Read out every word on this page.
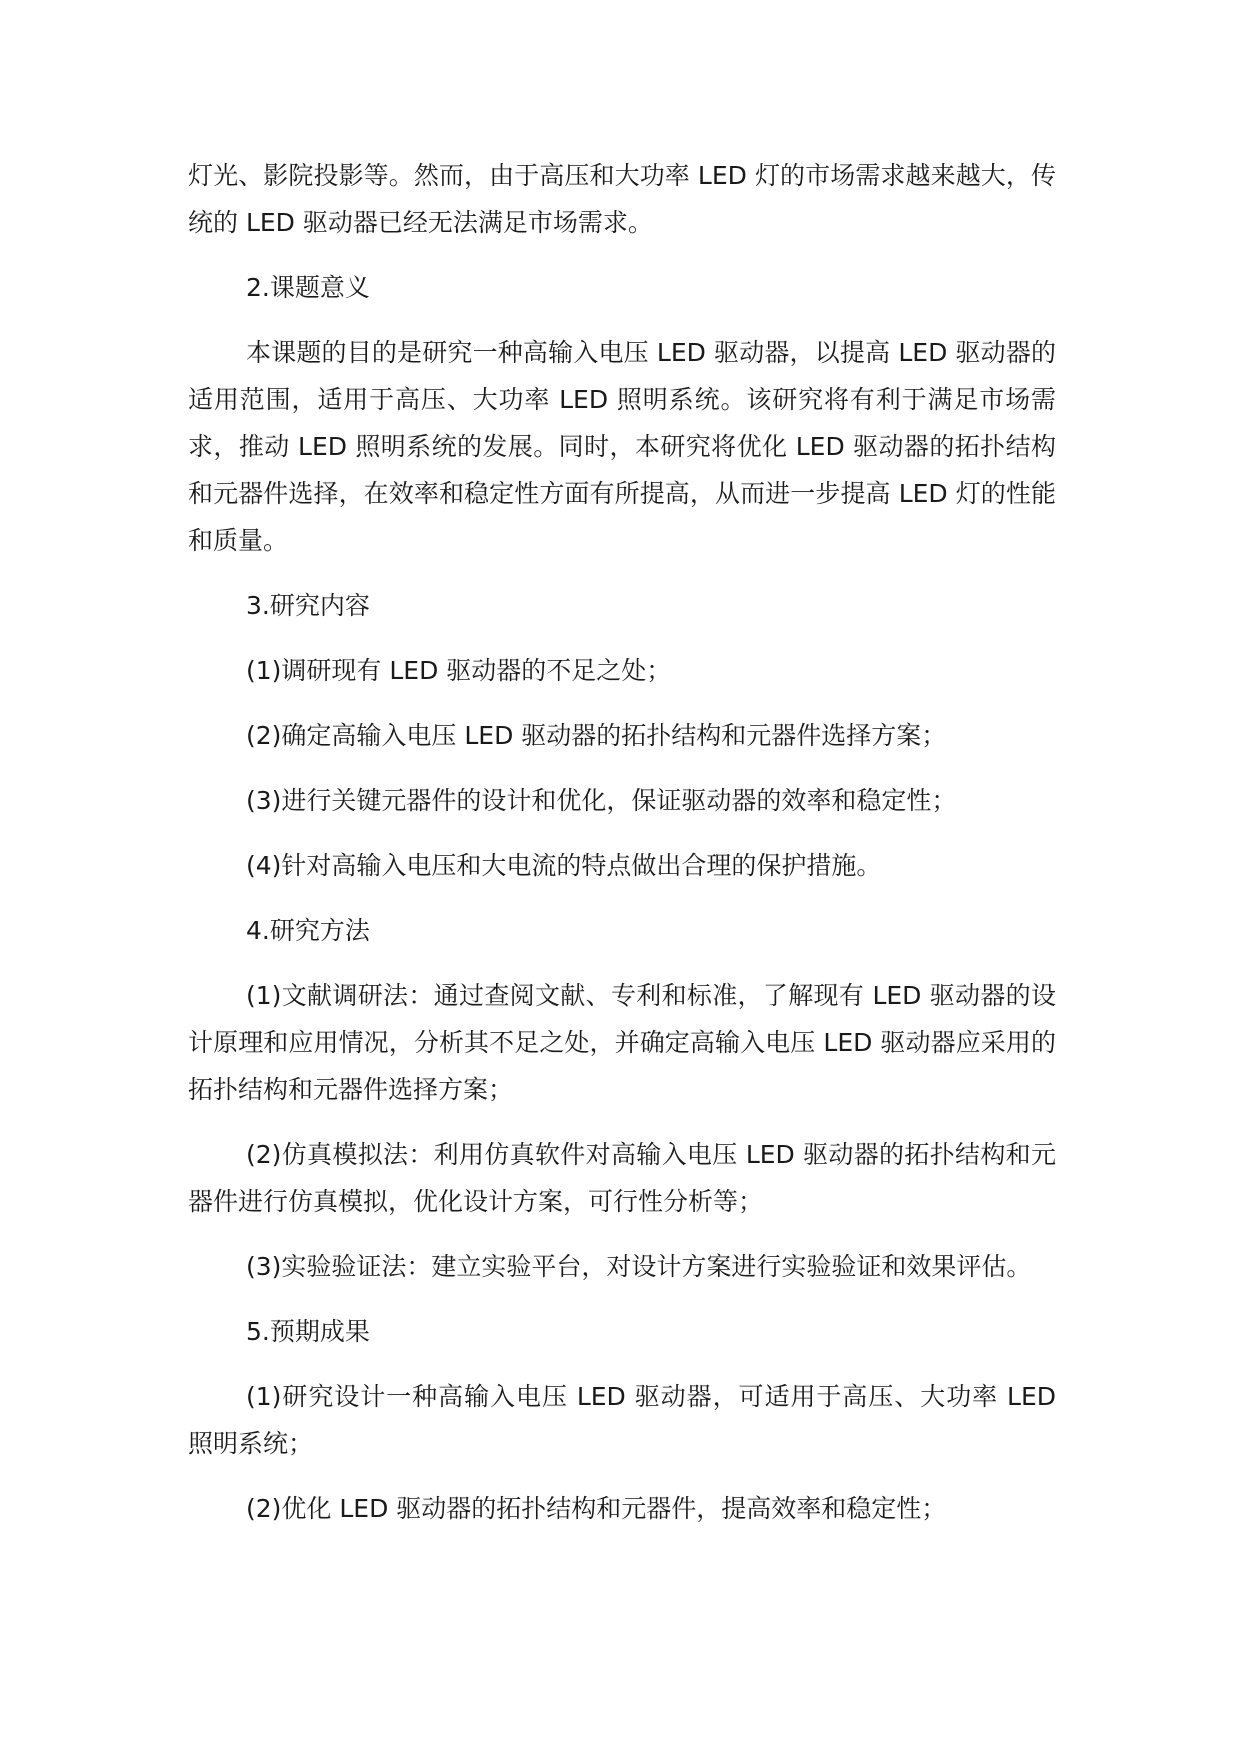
灯光、影院投影等。然而，由于高压和大功率 LED 灯的市场需求越来越大，传统的 LED 驱动器已经无法满足市场需求。

2.课题意义

本课题的目的是研究一种高输入电压 LED 驱动器，以提高 LED 驱动器的适用范围，适用于高压、大功率 LED 照明系统。该研究将有利于满足市场需求，推动 LED 照明系统的发展。同时，本研究将优化 LED 驱动器的拓扑结构和元器件选择，在效率和稳定性方面有所提高，从而进一步提高 LED 灯的性能和质量。

3.研究内容

(1)调研现有 LED 驱动器的不足之处；

(2)确定高输入电压 LED 驱动器的拓扑结构和元器件选择方案；

(3)进行关键元器件的设计和优化，保证驱动器的效率和稳定性；

(4)针对高输入电压和大电流的特点做出合理的保护措施。

4.研究方法

(1)文献调研法：通过查阅文献、专利和标准，了解现有 LED 驱动器的设计原理和应用情况，分析其不足之处，并确定高输入电压 LED 驱动器应采用的拓扑结构和元器件选择方案；

(2)仿真模拟法：利用仿真软件对高输入电压 LED 驱动器的拓扑结构和元器件进行仿真模拟，优化设计方案，可行性分析等；

(3)实验验证法：建立实验平台，对设计方案进行实验验证和效果评估。

5.预期成果

(1)研究设计一种高输入电压 LED 驱动器，可适用于高压、大功率 LED 照明系统；

(2)优化 LED 驱动器的拓扑结构和元器件，提高效率和稳定性；
